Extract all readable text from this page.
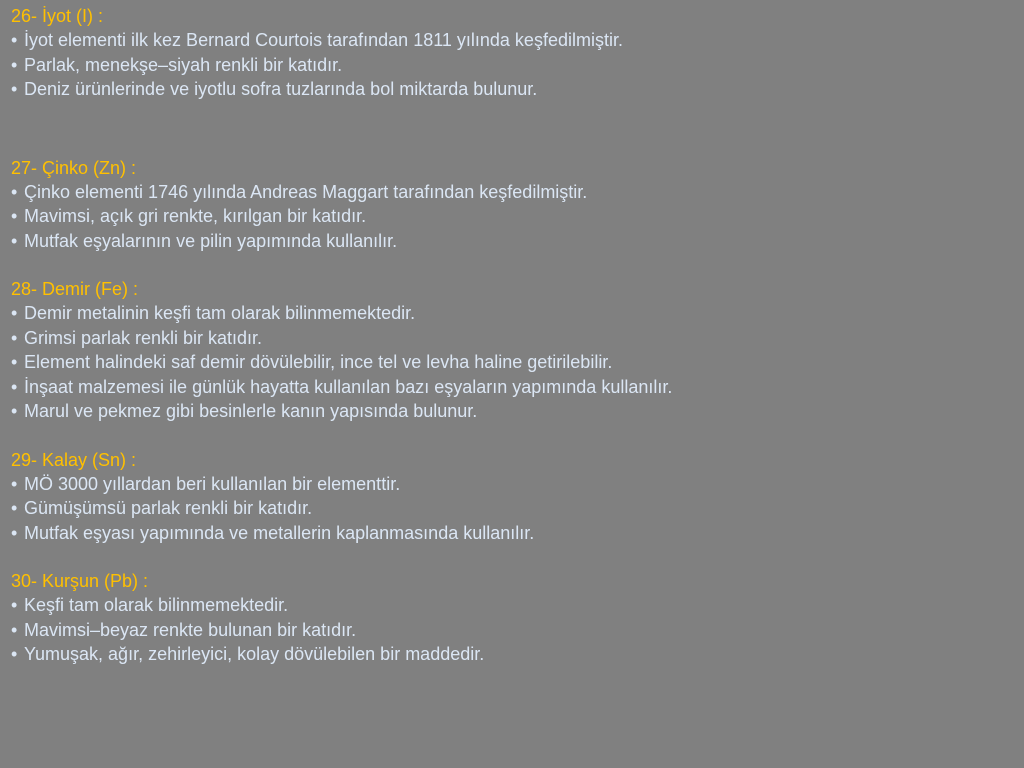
26- İyot (I) :
• İyot elementi ilk kez Bernard Courtois tarafından 1811 yılında keşfedilmiştir.
• Parlak, menekşe–siyah renkli bir katıdır.
• Deniz ürünlerinde ve iyotlu sofra tuzlarında bol miktarda bulunur.
27- Çinko (Zn) :
• Çinko elementi 1746 yılında Andreas Maggart tarafından keşfedilmiştir.
• Mavimsi, açık gri renkte, kırılgan bir katıdır.
• Mutfak eşyalarının ve pilin yapımında kullanılır.
28- Demir (Fe) :
• Demir metalinin keşfi tam olarak bilinmemektedir.
• Grimsi parlak renkli bir katıdır.
• Element halindeki saf demir dövülebilir, ince tel ve levha haline getirilebilir.
• İnşaat malzemesi ile günlük hayatta kullanılan bazı eşyaların yapımında kullanılır.
• Marul ve pekmez gibi besinlerle kanın yapısında bulunur.
29- Kalay (Sn) :
• MÖ 3000 yıllardan beri kullanılan bir elementtir.
• Gümüşümsü parlak renkli bir katıdır.
• Mutfak eşyası yapımında ve metallerin kaplanmasında kullanılır.
30- Kurşun (Pb) :
• Keşfi tam olarak bilinmemektedir.
• Mavimsi–beyaz renkte bulunan bir katıdır.
• Yumuşak, ağır, zehirleyici, kolay dövülebilen bir maddedir.
